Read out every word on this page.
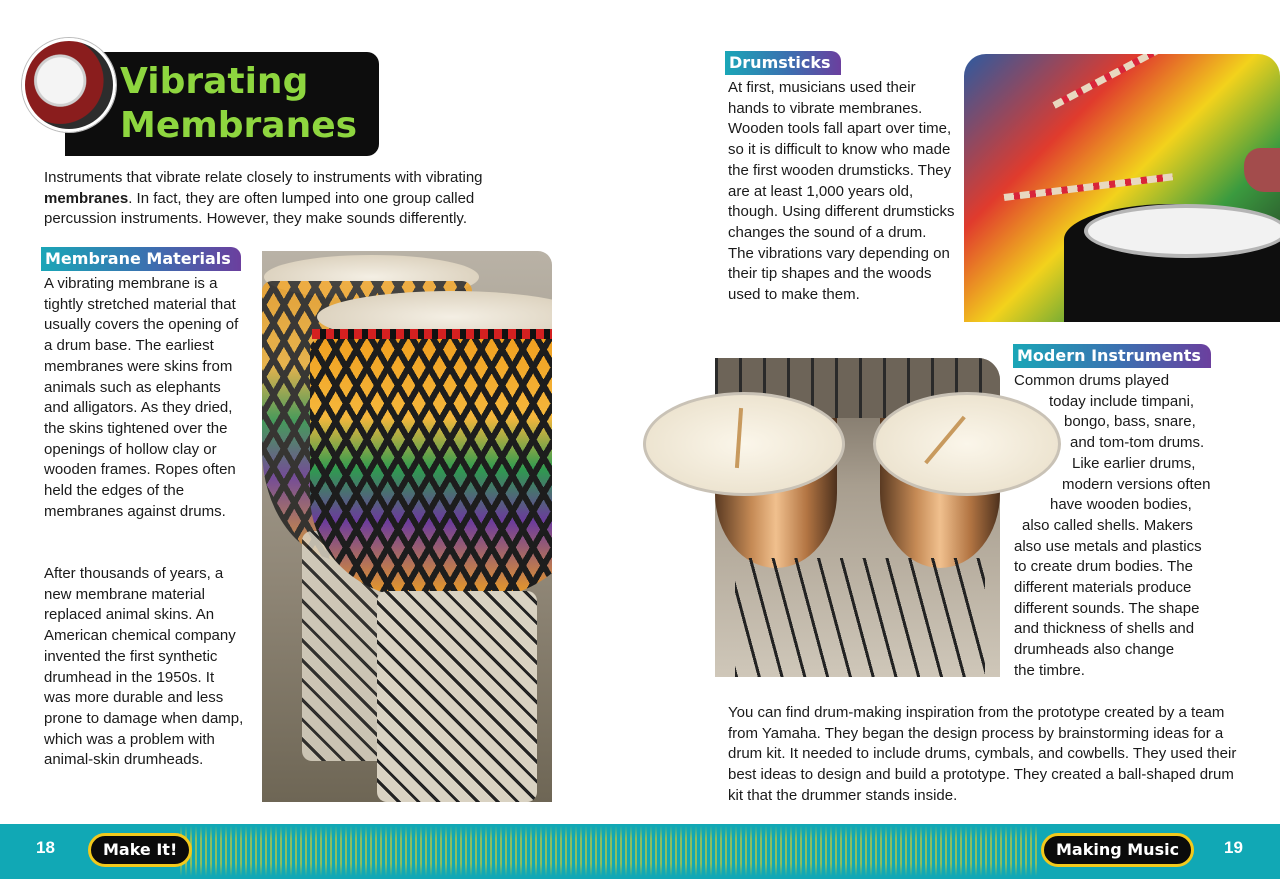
Vibrating
Membranes
Instruments that vibrate relate closely to instruments with vibrating membranes. In fact, they are often lumped into one group called percussion instruments. However, they make sounds differently.
Membrane Materials
A vibrating membrane is a tightly stretched material that usually covers the opening of a drum base. The earliest membranes were skins from animals such as elephants and alligators. As they dried, the skins tightened over the openings of hollow clay or wooden frames. Ropes often held the edges of the membranes against drums.
After thousands of years, a new membrane material replaced animal skins. An American chemical company invented the first synthetic drumhead in the 1950s. It was more durable and less prone to damage when damp, which was a problem with animal-skin drumheads.
Drumsticks
At first, musicians used their hands to vibrate membranes. Wooden tools fall apart over time, so it is difficult to know who made the first wooden drumsticks. They are at least 1,000 years old, though. Using different drumsticks changes the sound of a drum. The vibrations vary depending on their tip shapes and the woods used to make them.
Modern Instruments
Common drums played
today include timpani,
bongo, bass, snare,
and tom-tom drums.
Like earlier drums,
modern versions often
have wooden bodies,
also called shells. Makers
also use metals and plastics
to create drum bodies. The
different materials produce
different sounds. The shape
and thickness of shells and
drumheads also change
the timbre.
You can find drum-making inspiration from the prototype created by a team from Yamaha. They began the design process by brainstorming ideas for a drum kit. It needed to include drums, cymbals, and cowbells. They used their best ideas to design and build a prototype. They created a ball-shaped drum kit that the drummer stands inside.
18	Make It!	Making Music	19
